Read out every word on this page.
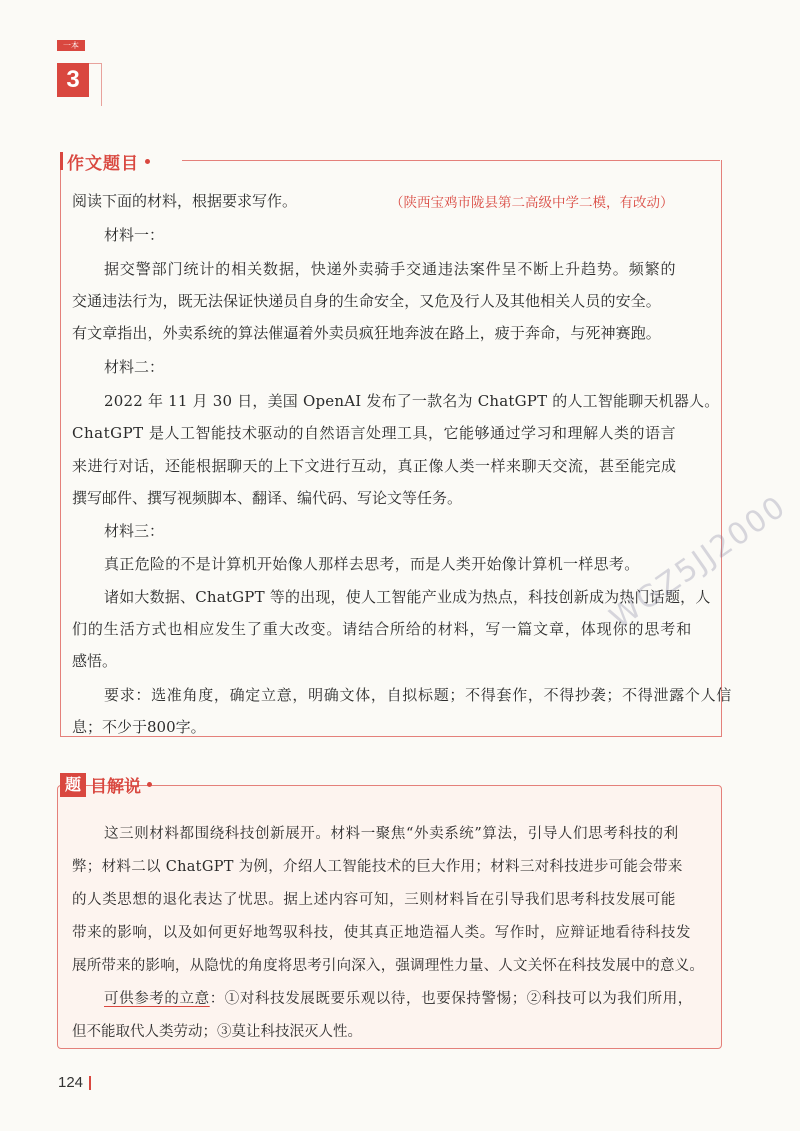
一本
3
作文题目
阅读下面的材料，根据要求写作。	（陕西宝鸡市陇县第二高级中学二模，有改动）
材料一：
据交警部门统计的相关数据，快递外卖骑手交通违法案件呈不断上升趋势。频繁的
交通违法行为，既无法保证快递员自身的生命安全，又危及行人及其他相关人员的安全。
有文章指出，外卖系统的算法催逼着外卖员疯狂地奔波在路上，疲于奔命，与死神赛跑。
材料二：
2022 年 11 月 30 日，美国 OpenAI 发布了一款名为 ChatGPT 的人工智能聊天机器人。
ChatGPT 是人工智能技术驱动的自然语言处理工具，它能够通过学习和理解人类的语言
来进行对话，还能根据聊天的上下文进行互动，真正像人类一样来聊天交流，甚至能完成
撰写邮件、撰写视频脚本、翻译、编代码、写论文等任务。
材料三：
真正危险的不是计算机开始像人那样去思考，而是人类开始像计算机一样思考。
诸如大数据、ChatGPT 等的出现，使人工智能产业成为热点，科技创新成为热门话题，人
们的生活方式也相应发生了重大改变。请结合所给的材料，写一篇文章，体现你的思考和
感悟。
要求：选准角度，确定立意，明确文体，自拟标题；不得套作，不得抄袭；不得泄露个人信
息；不少于800字。
题 目解说
这三则材料都围绕科技创新展开。材料一聚焦“外卖系统”算法，引导人们思考科技的利
弊；材料二以 ChatGPT 为例，介绍人工智能技术的巨大作用；材料三对科技进步可能会带来
的人类思想的退化表达了忧思。据上述内容可知，三则材料旨在引导我们思考科技发展可能
带来的影响，以及如何更好地驾驭科技，使其真正地造福人类。写作时，应辩证地看待科技发
展所带来的影响，从隐忧的角度将思考引向深入，强调理性力量、人文关怀在科技发展中的意义。
可供参考的立意：①对科技发展既要乐观以待，也要保持警惕；②科技可以为我们所用，
但不能取代人类劳动；③莫让科技泯灭人性。
124
WGZ5JJ2000
